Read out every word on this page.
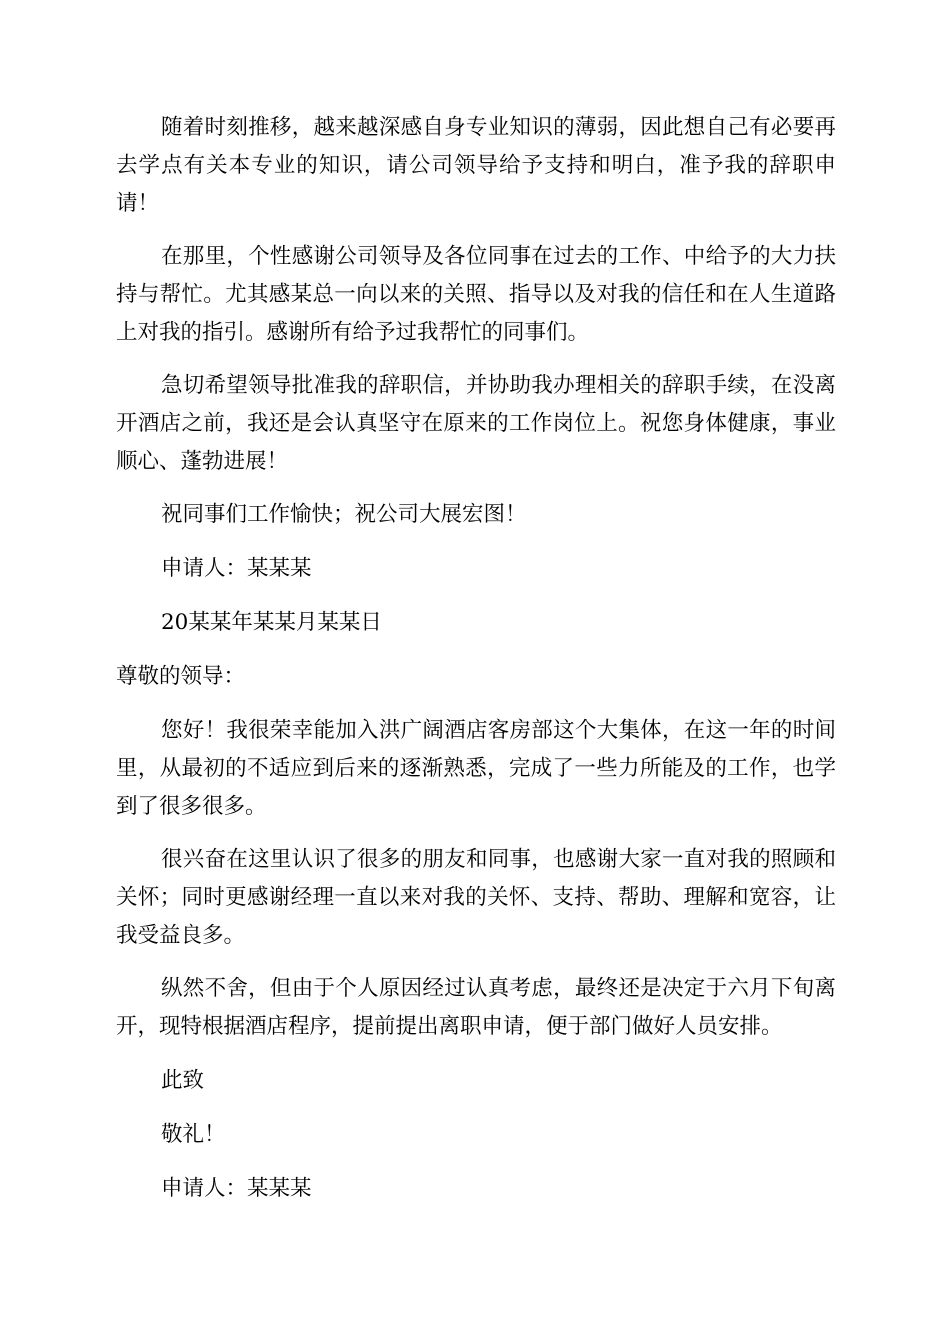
随着时刻推移，越来越深感自身专业知识的薄弱，因此想自己有必要再去学点有关本专业的知识，请公司领导给予支持和明白，准予我的辞职申请！

在那里，个性感谢公司领导及各位同事在过去的工作、中给予的大力扶持与帮忙。尤其感某总一向以来的关照、指导以及对我的信任和在人生道路上对我的指引。感谢所有给予过我帮忙的同事们。

急切希望领导批准我的辞职信，并协助我办理相关的辞职手续，在没离开酒店之前，我还是会认真坚守在原来的工作岗位上。祝您身体健康，事业顺心、蓬勃进展！

祝同事们工作愉快；祝公司大展宏图！

申请人：某某某

20某某年某某月某某日

尊敬的领导：

您好！我很荣幸能加入洪广阔酒店客房部这个大集体，在这一年的时间里，从最初的不适应到后来的逐渐熟悉，完成了一些力所能及的工作，也学到了很多很多。

很兴奋在这里认识了很多的朋友和同事，也感谢大家一直对我的照顾和关怀；同时更感谢经理一直以来对我的关怀、支持、帮助、理解和宽容，让我受益良多。

纵然不舍，但由于个人原因经过认真考虑，最终还是决定于六月下旬离开，现特根据酒店程序，提前提出离职申请，便于部门做好人员安排。

此致

敬礼！

申请人：某某某
